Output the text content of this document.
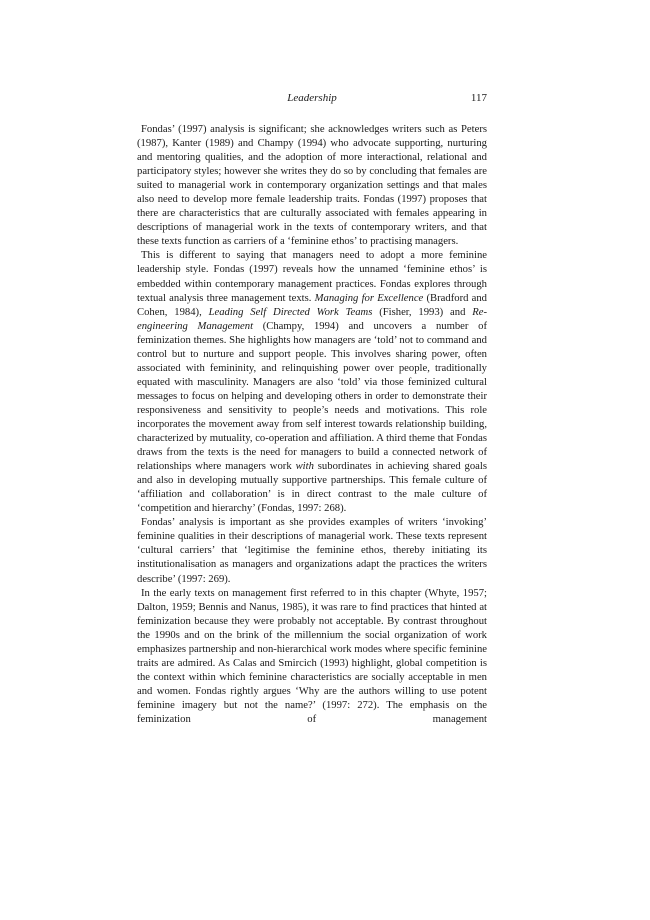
Leadership	117

Fondas’ (1997) analysis is significant; she acknowledges writers such as Peters (1987), Kanter (1989) and Champy (1994) who advocate supporting, nurturing and mentoring qualities, and the adoption of more interactional, relational and participatory styles; however she writes they do so by concluding that females are suited to managerial work in contemporary organization settings and that males also need to develop more female leadership traits. Fondas (1997) proposes that there are characteristics that are culturally associated with females appearing in descriptions of managerial work in the texts of contemporary writers, and that these texts function as carriers of a ‘feminine ethos’ to practising managers.

This is different to saying that managers need to adopt a more feminine leadership style. Fondas (1997) reveals how the unnamed ‘feminine ethos’ is embedded within contemporary management practices. Fondas explores through textual analysis three management texts. Managing for Excellence (Bradford and Cohen, 1984), Leading Self Directed Work Teams (Fisher, 1993) and Re-engineering Management (Champy, 1994) and uncovers a number of feminization themes. She highlights how managers are ‘told’ not to command and control but to nurture and support people. This involves sharing power, often associated with femininity, and relinquishing power over people, traditionally equated with masculinity. Managers are also ‘told’ via those feminized cultural messages to focus on helping and developing others in order to demonstrate their responsiveness and sensitivity to people’s needs and motivations. This role incorporates the movement away from self interest towards relationship building, characterized by mutuality, co-operation and affiliation. A third theme that Fondas draws from the texts is the need for managers to build a connected network of relationships where managers work with subordinates in achieving shared goals and also in developing mutually supportive partnerships. This female culture of ‘affiliation and collaboration’ is in direct contrast to the male culture of ‘competition and hierarchy’ (Fondas, 1997: 268).

Fondas’ analysis is important as she provides examples of writers ‘invoking’ feminine qualities in their descriptions of managerial work. These texts represent ‘cultural carriers’ that ‘legitimise the feminine ethos, thereby initiating its institutionalisation as managers and organizations adapt the practices the writers describe’ (1997: 269).

In the early texts on management first referred to in this chapter (Whyte, 1957; Dalton, 1959; Bennis and Nanus, 1985), it was rare to find practices that hinted at feminization because they were probably not acceptable. By contrast throughout the 1990s and on the brink of the millennium the social organization of work emphasizes partnership and non-hierarchical work modes where specific feminine traits are admired. As Calas and Smircich (1993) highlight, global competition is the context within which feminine characteristics are socially acceptable in men and women. Fondas rightly argues ‘Why are the authors willing to use potent feminine imagery but not the name?’ (1997: 272). The emphasis on the feminization of management
